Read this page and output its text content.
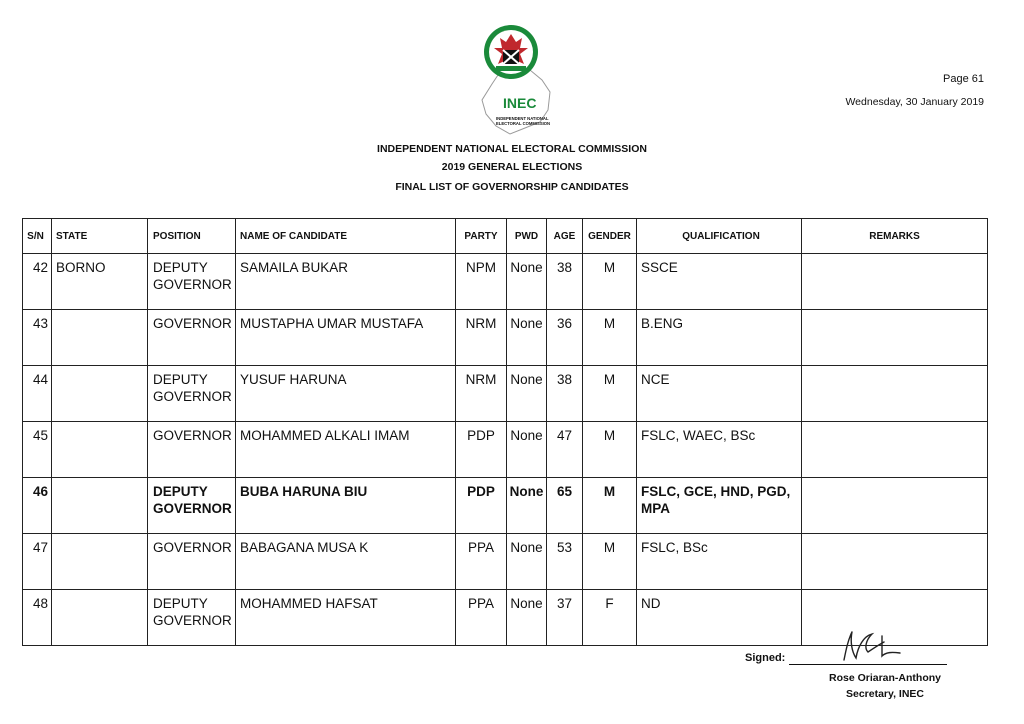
INEC
INDEPENDENT NATIONAL
ELECTORAL COMMISSION
Page 61
Wednesday, 30 January 2019
INDEPENDENT NATIONAL ELECTORAL COMMISSION
2019 GENERAL ELECTIONS
FINAL LIST OF GOVERNORSHIP CANDIDATES
S/N	STATE	POSITION	NAME OF CANDIDATE	PARTY	PWD	AGE	GENDER	QUALIFICATION	REMARKS
42	BORNO	DEPUTY GOVERNOR	SAMAILA BUKAR	NPM	None	38	M	SSCE	
43		GOVERNOR	MUSTAPHA UMAR MUSTAFA	NRM	None	36	M	B.ENG	
44		DEPUTY GOVERNOR	YUSUF HARUNA	NRM	None	38	M	NCE	
45		GOVERNOR	MOHAMMED ALKALI IMAM	PDP	None	47	M	FSLC, WAEC, BSc	
46		DEPUTY GOVERNOR	BUBA HARUNA BIU	PDP	None	65	M	FSLC, GCE, HND, PGD, MPA	
47		GOVERNOR	BABAGANA MUSA K	PPA	None	53	M	FSLC, BSc	
48		DEPUTY GOVERNOR	MOHAMMED HAFSAT	PPA	None	37	F	ND	
Signed:
Rose Oriaran-Anthony
Secretary, INEC
